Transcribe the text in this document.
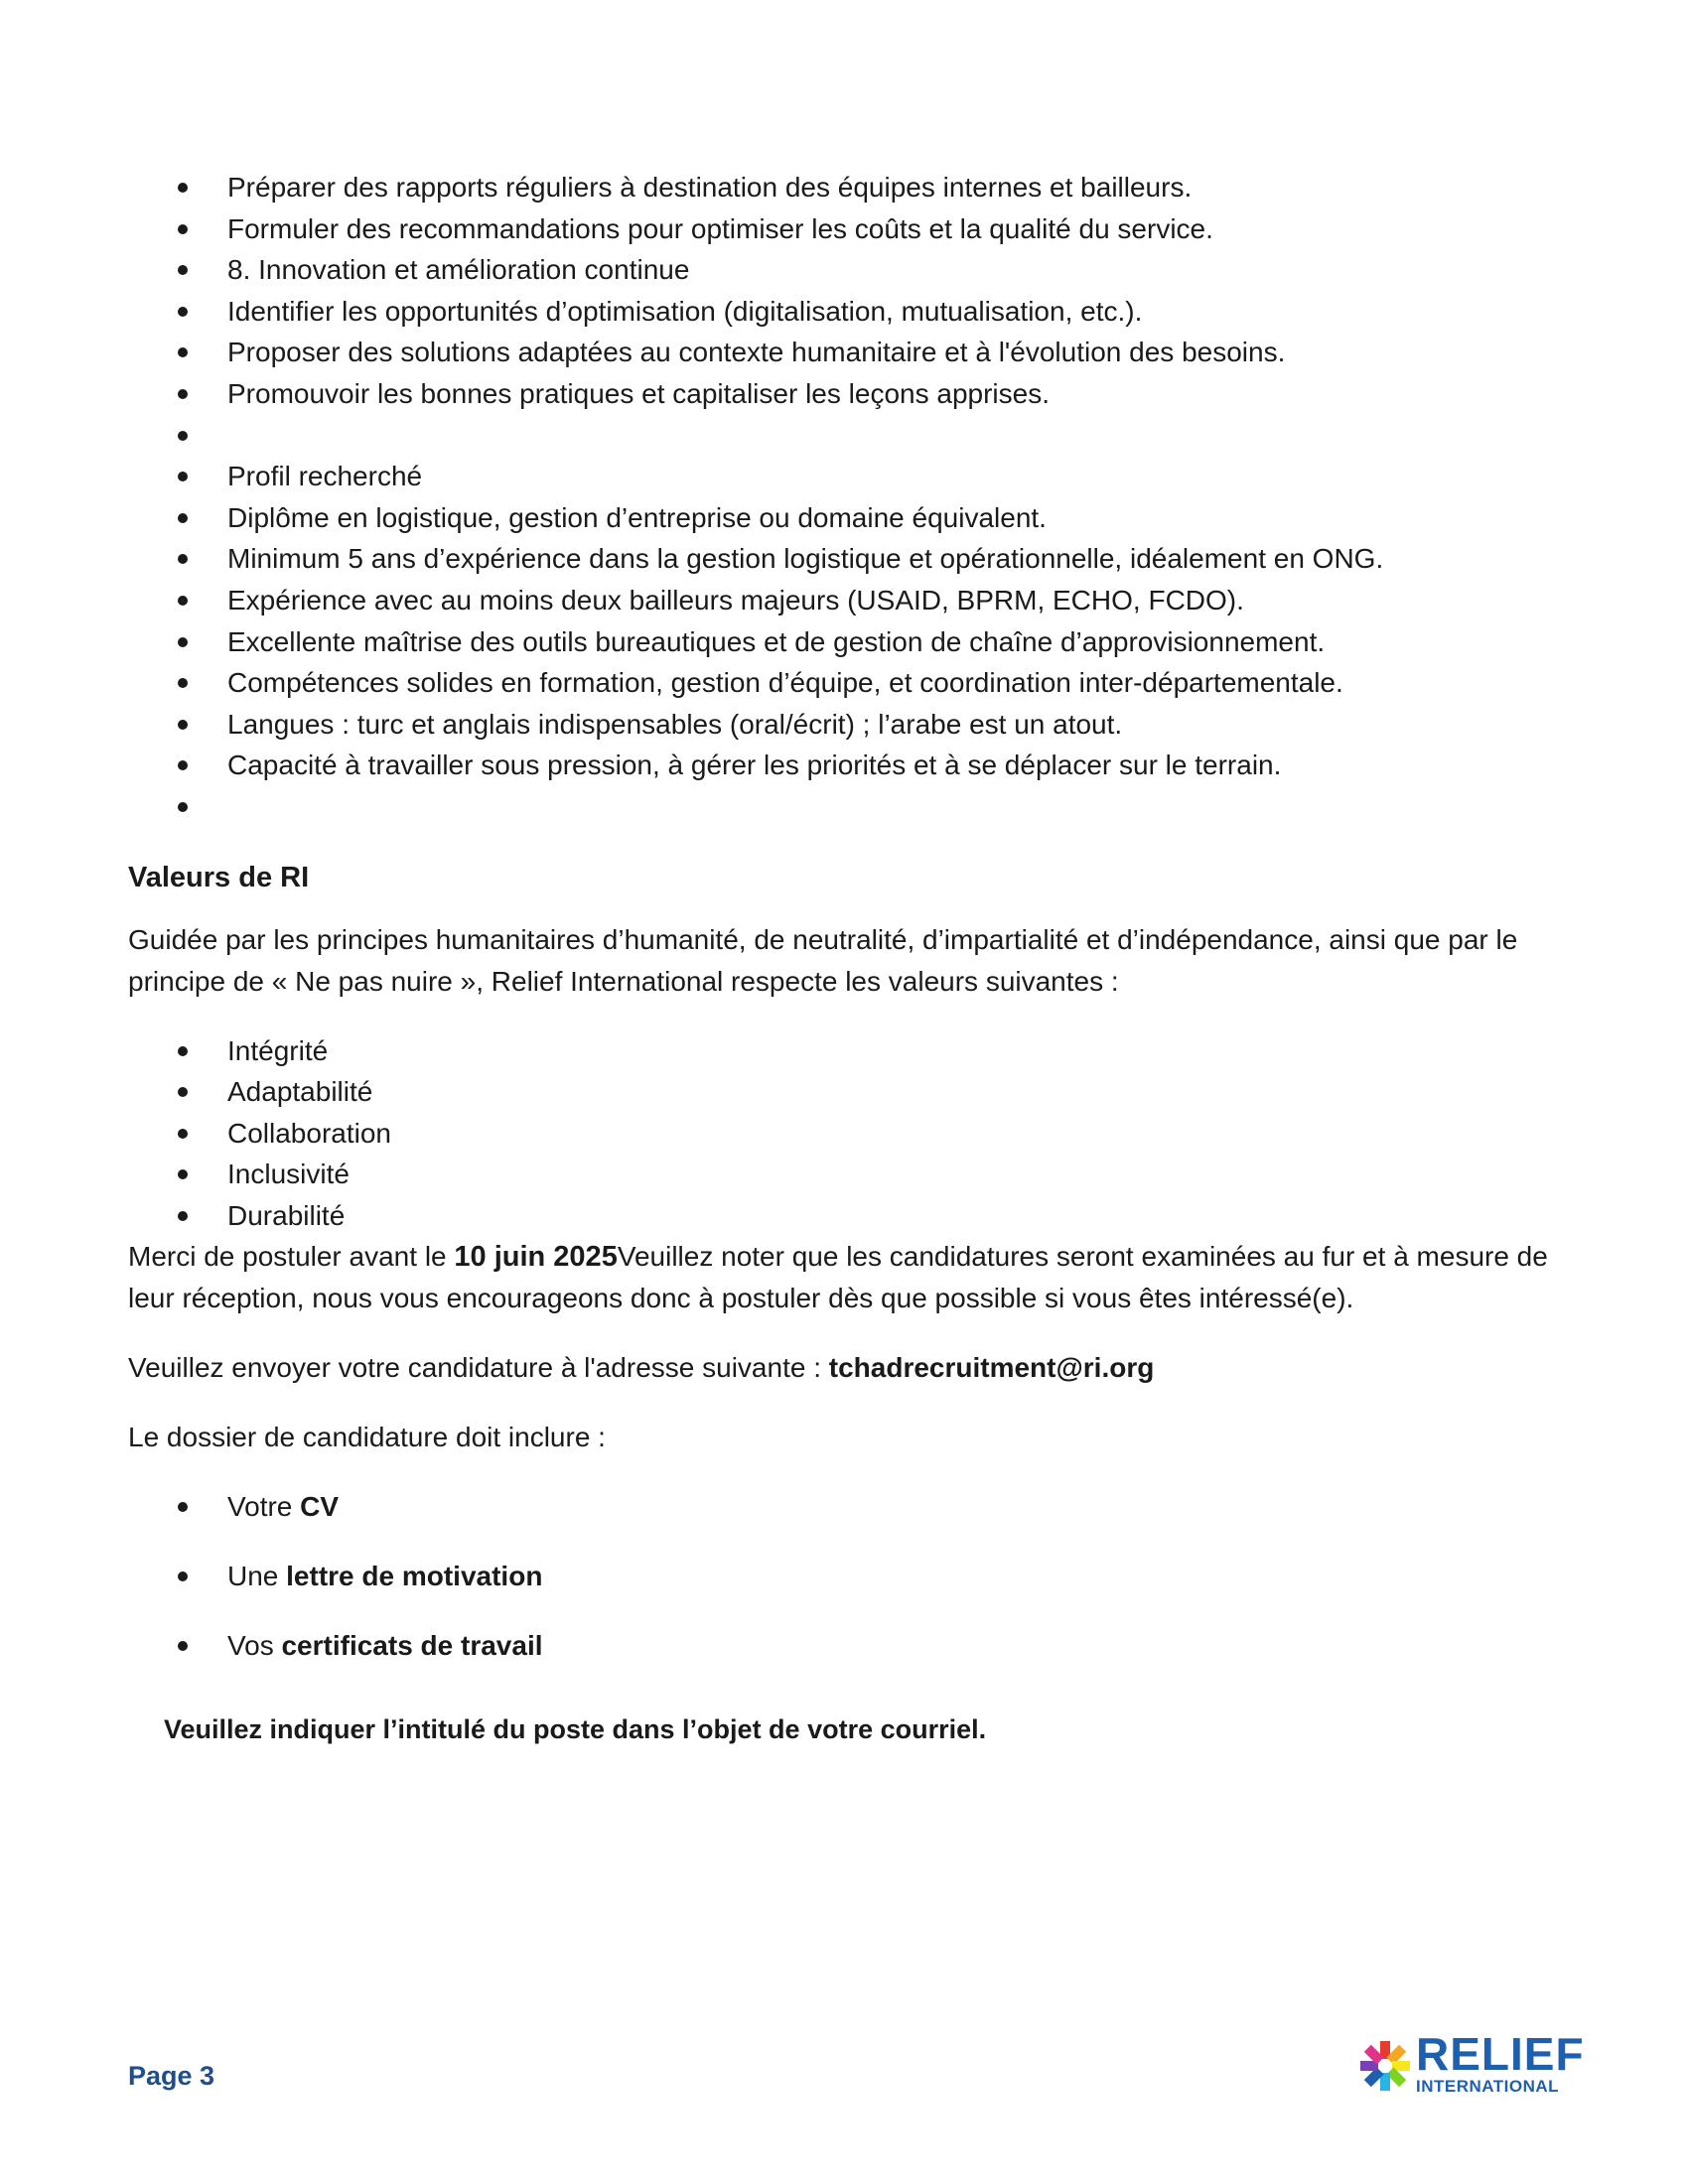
Préparer des rapports réguliers à destination des équipes internes et bailleurs.
Formuler des recommandations pour optimiser les coûts et la qualité du service.
8. Innovation et amélioration continue
Identifier les opportunités d’optimisation (digitalisation, mutualisation, etc.).
Proposer des solutions adaptées au contexte humanitaire et à l'évolution des besoins.
Promouvoir les bonnes pratiques et capitaliser les leçons apprises.
Profil recherché
Diplôme en logistique, gestion d’entreprise ou domaine équivalent.
Minimum 5 ans d’expérience dans la gestion logistique et opérationnelle, idéalement en ONG.
Expérience avec au moins deux bailleurs majeurs (USAID, BPRM, ECHO, FCDO).
Excellente maîtrise des outils bureautiques et de gestion de chaîne d’approvisionnement.
Compétences solides en formation, gestion d’équipe, et coordination inter-départementale.
Langues : turc et anglais indispensables (oral/écrit) ; l’arabe est un atout.
Capacité à travailler sous pression, à gérer les priorités et à se déplacer sur le terrain.
Valeurs de RI

Guidée par les principes humanitaires d’humanité, de neutralité, d’impartialité et d’indépendance, ainsi que par le principe de « Ne pas nuire », Relief International respecte les valeurs suivantes :

Intégrité
Adaptabilité
Collaboration
Inclusivité
Durabilité

Merci de postuler avant le 10 juin 2025Veuillez noter que les candidatures seront examinées au fur et à mesure de leur réception, nous vous encourageons donc à postuler dès que possible si vous êtes intéressé(e).

Veuillez envoyer votre candidature à l'adresse suivante : tchadrecruitment@ri.org

Le dossier de candidature doit inclure :

Votre CV
Une lettre de motivation
Vos certificats de travail
Veuillez indiquer l’intitulé du poste dans l’objet de votre courriel.
Page 3	RELIEF
INTERNATIONAL
